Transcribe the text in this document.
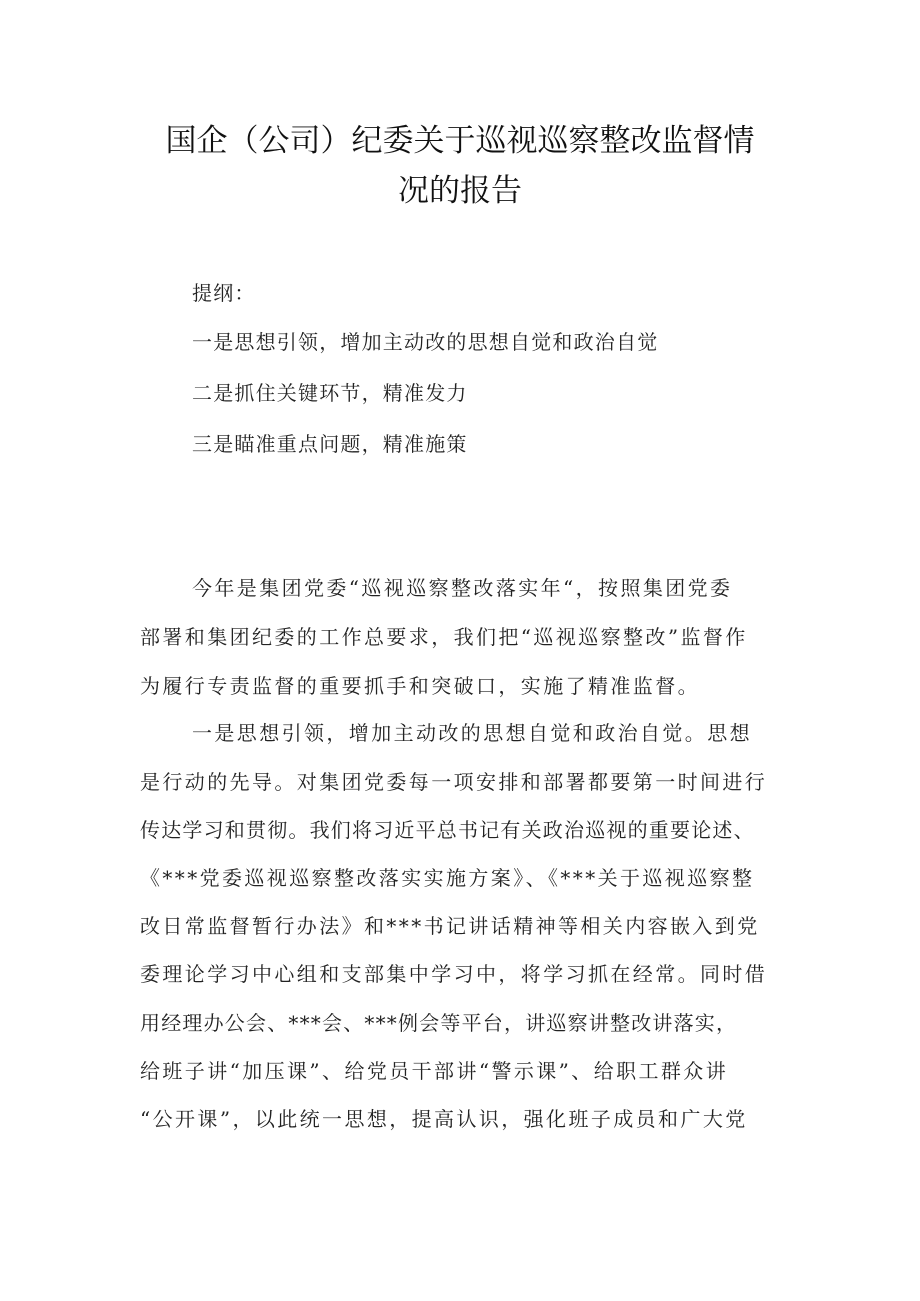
国企（公司）纪委关于巡视巡察整改监督情
况的报告
提纲：
一是思想引领，增加主动改的思想自觉和政治自觉
二是抓住关键环节，精准发力
三是瞄准重点问题，精准施策
今年是集团党委“巡视巡察整改落实年“，按照集团党委
部署和集团纪委的工作总要求，我们把“巡视巡察整改”监督作
为履行专责监督的重要抓手和突破口，实施了精准监督。
一是思想引领，增加主动改的思想自觉和政治自觉。思想
是行动的先导。对集团党委每一项安排和部署都要第一时间进行
传达学习和贯彻。我们将习近平总书记有关政治巡视的重要论述、
《***党委巡视巡察整改落实实施方案》、《***关于巡视巡察整
改日常监督暂行办法》和***书记讲话精神等相关内容嵌入到党
委理论学习中心组和支部集中学习中，将学习抓在经常。同时借
用经理办公会、***会、***例会等平台，讲巡察讲整改讲落实，
给班子讲“加压课”、给党员干部讲“警示课”、给职工群众讲
“公开课”，以此统一思想，提高认识，强化班子成员和广大党
